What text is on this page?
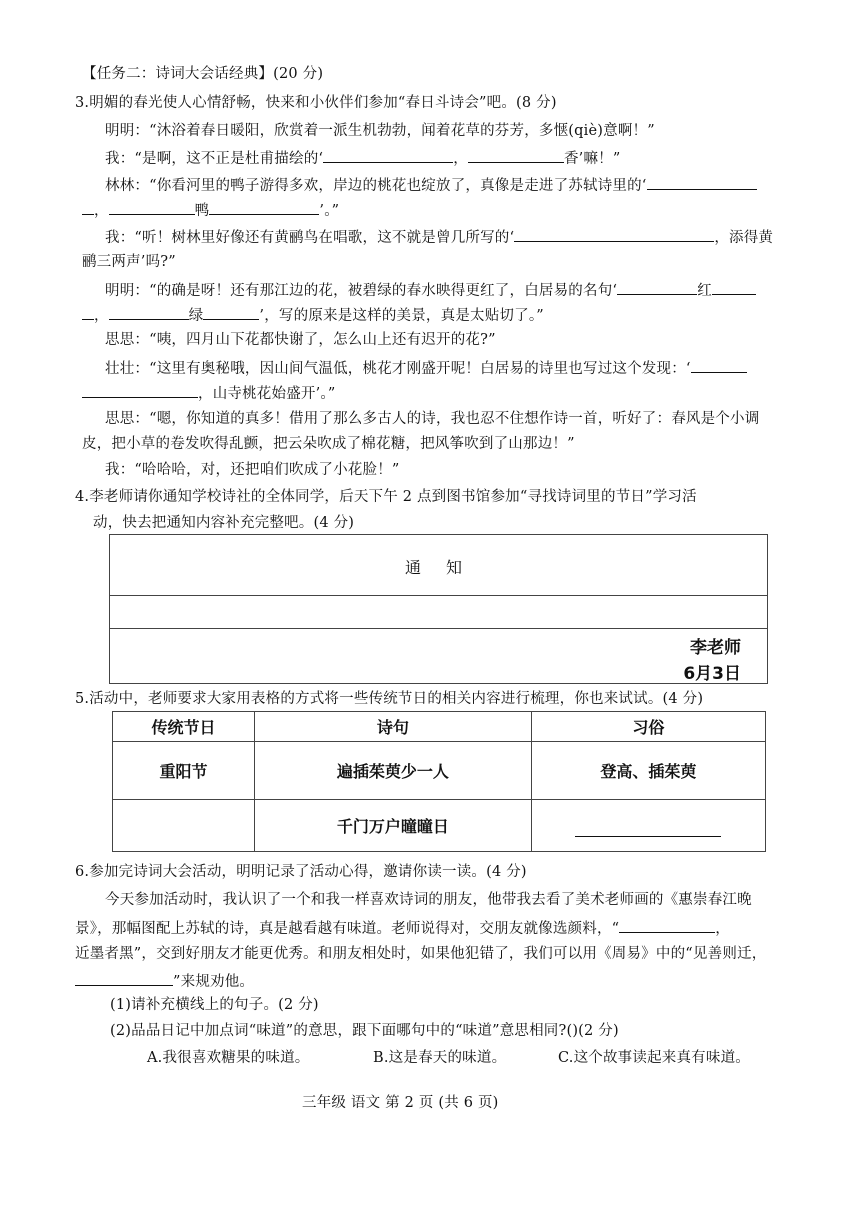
【任务二：诗词大会话经典】(20 分)
3.明媚的春光使人心情舒畅，快来和小伙伴们参加“春日斗诗会”吧。(8 分)
明明：“沐浴着春日暖阳，欣赏着一派生机勃勃，闻着花草的芬芳，多惬(qiè)意啊！”
我：“是啊，这不正是杜甫描绘的‘	，	香’嘛！”
林林：“你看河里的鸭子游得多欢，岸边的桃花也绽放了，真像是走进了苏轼诗里的‘
，	鸭	’。”
我：“听！树林里好像还有黄鹂鸟在唱歌，这不就是曾几所写的‘	，添得黄
鹂三两声’吗?”
明明：“的确是呀！还有那江边的花，被碧绿的春水映得更红了，白居易的名句‘	红
，	绿	’，写的原来是这样的美景，真是太贴切了。”
思思：“咦，四月山下花都快谢了，怎么山上还有迟开的花?”
壮壮：“这里有奥秘哦，因山间气温低，桃花才刚盛开呢！白居易的诗里也写过这个发现：‘
，山寺桃花始盛开’。”
思思：“嗯，你知道的真多！借用了那么多古人的诗，我也忍不住想作诗一首，听好了：春风是个小调
皮，把小草的卷发吹得乱颤，把云朵吹成了棉花糖，把风筝吹到了山那边！”
我：“哈哈哈，对，还把咱们吹成了小花脸！”
4.李老师请你通知学校诗社的全体同学，后天下午 2 点到图书馆参加“寻找诗词里的节日”学习活
动，快去把通知内容补充完整吧。(4 分)
通 知
李老师
6月3日
5.活动中，老师要求大家用表格的方式将一些传统节日的相关内容进行梳理，你也来试试。(4 分)
传统节日	诗句	习俗
重阳节	遍插茱萸少一人	登高、插茱萸
	千门万户曈曈日	
6.参加完诗词大会活动，明明记录了活动心得，邀请你读一读。(4 分)
今天参加活动时，我认识了一个和我一样喜欢诗词的朋友，他带我去看了美术老师画的《惠崇春江晚
景》，那幅图配上苏轼的诗，真是越看越有味道。老师说得对，交朋友就像选颜料，“	，
近墨者黑”，交到好朋友才能更优秀。和朋友相处时，如果他犯错了，我们可以用《周易》中的“见善则迁，
”来规劝他。
(1)请补充横线上的句子。(2 分)
(2)品品日记中加点词“味道”的意思，跟下面哪句中的“味道”意思相同?()(2 分)
A.我很喜欢糖果的味道。	B.这是春天的味道。	C.这个故事读起来真有味道。
三年级 语文 第 2 页 (共 6 页)
